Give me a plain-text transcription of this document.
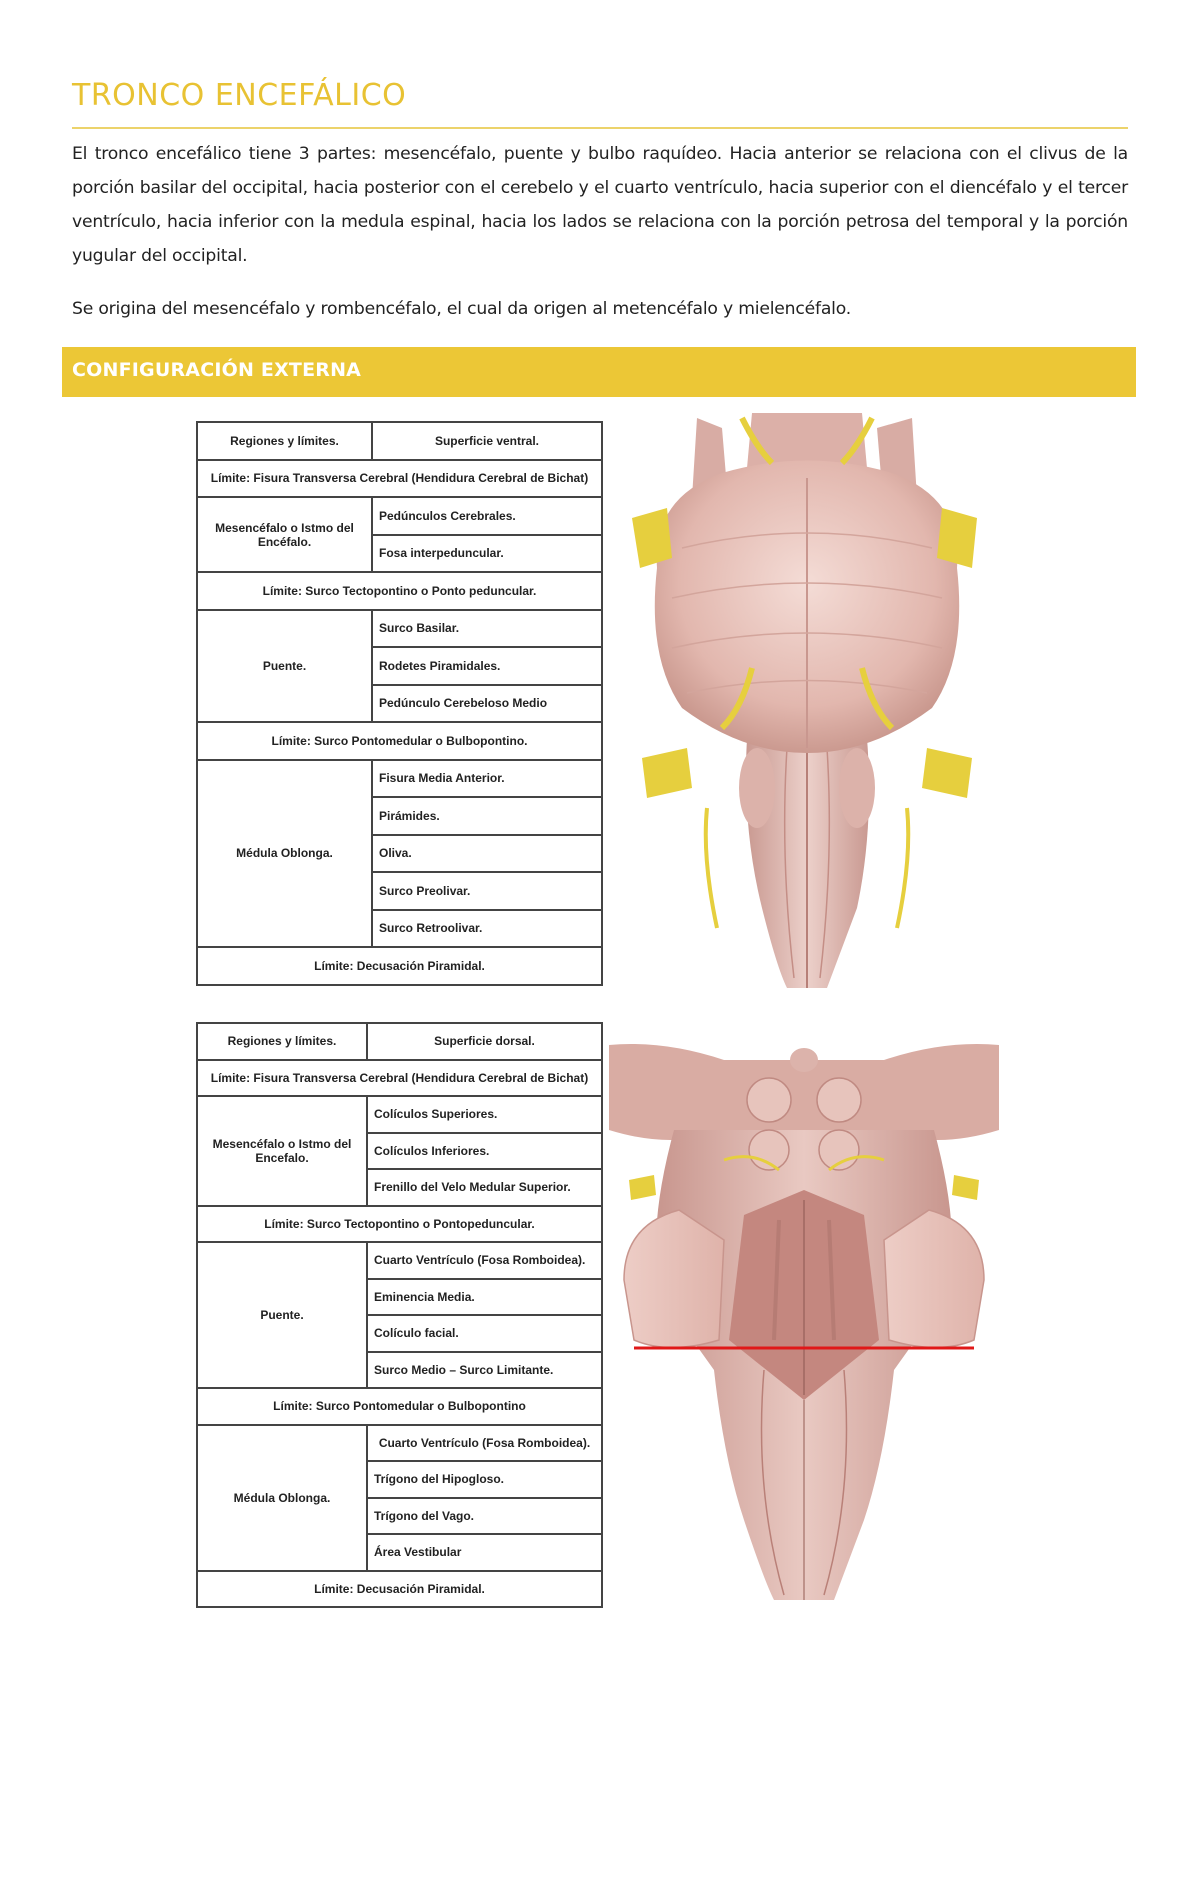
TRONCO ENCEFÁLICO

El tronco encefálico tiene 3 partes: mesencéfalo, puente y bulbo raquídeo. Hacia anterior se relaciona con el clivus de la porción basilar del occipital, hacia posterior con el cerebelo y el cuarto ventrículo, hacia superior con el diencéfalo y el tercer ventrículo, hacia inferior con la medula espinal, hacia los lados se relaciona con la porción petrosa del temporal y la porción yugular del occipital.

Se origina del mesencéfalo y rombencéfalo, el cual da origen al metencéfalo y mielencéfalo.

CONFIGURACIÓN EXTERNA
Regiones y límites.	Superficie ventral.
Límite: Fisura Transversa Cerebral (Hendidura Cerebral de Bichat)	
Mesencéfalo o Istmo del Encéfalo.	Pedúnculos Cerebrales.
	Fosa interpeduncular.
Límite: Surco Tectopontino o Ponto peduncular.	
Puente.	Surco Basilar.
	Rodetes Piramidales.
	Pedúnculo Cerebeloso Medio
Límite: Surco Pontomedular o Bulbopontino.	
Médula Oblonga.	Fisura Media Anterior.
	Pirámides.
	Oliva.
	Surco Preolivar.
	Surco Retroolivar.
Límite: Decusación Piramidal.	
Regiones y límites.	Superficie dorsal.
Límite: Fisura Transversa Cerebral (Hendidura Cerebral de Bichat)	
Mesencéfalo o Istmo del Encefalo.	Colículos Superiores.
	Colículos Inferiores.
	Frenillo del Velo Medular Superior.
Límite: Surco Tectopontino o Pontopeduncular.	
Puente.	Cuarto Ventrículo (Fosa Romboidea).
	Eminencia Media.
	Colículo facial.
	Surco Medio – Surco Limitante.
Límite: Surco Pontomedular o Bulbopontino	
Médula Oblonga.	Cuarto Ventrículo (Fosa Romboidea).
	Trígono del Hipogloso.
	Trígono del Vago.
	Área Vestibular
Límite: Decusación Piramidal.	
